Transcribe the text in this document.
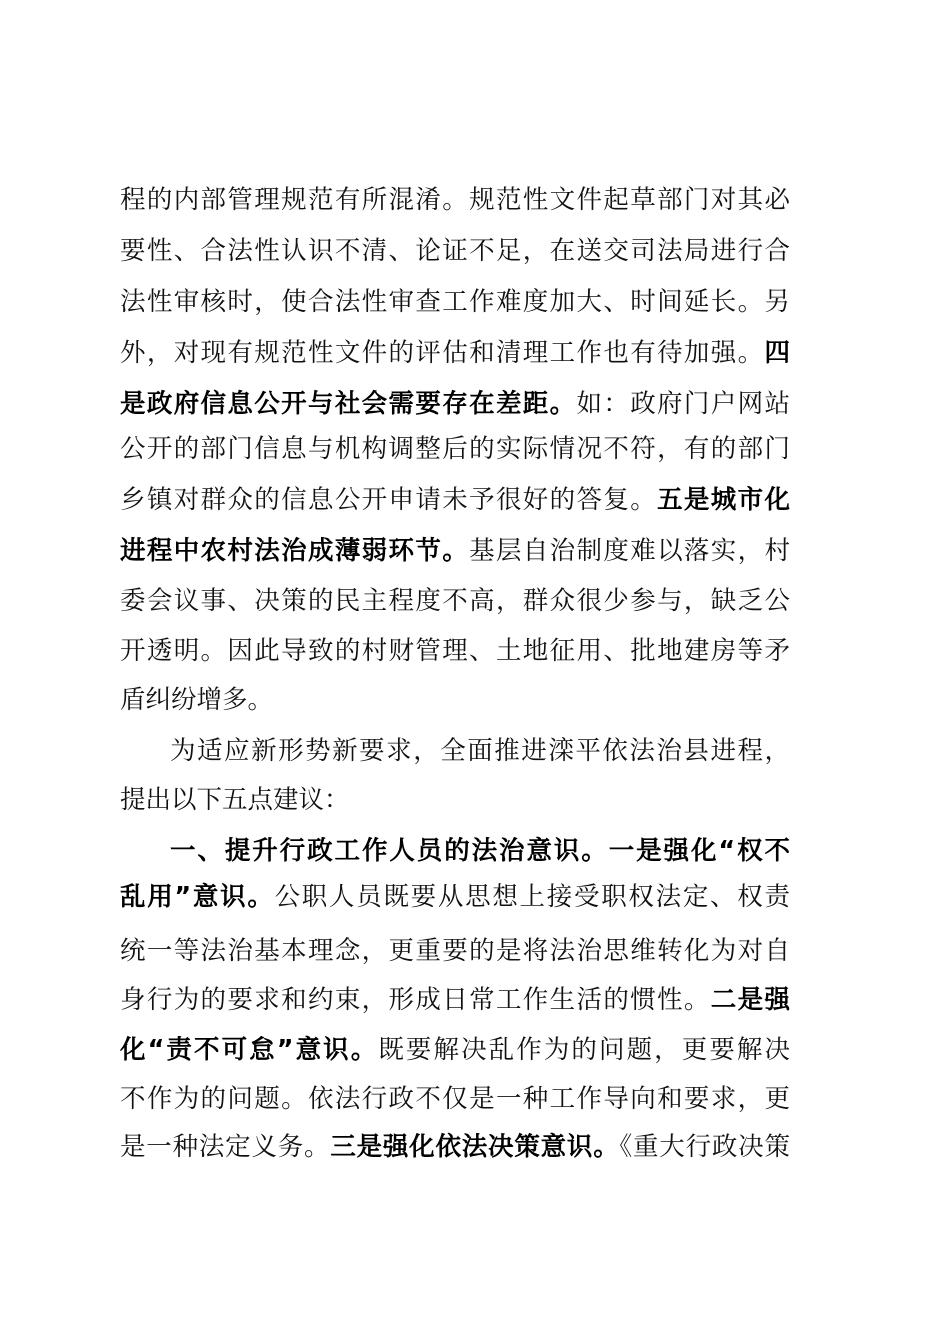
程的内部管理规范有所混淆。规范性文件起草部门对其必
要性、合法性认识不清、论证不足，在送交司法局进行合
法性审核时，使合法性审查工作难度加大、时间延长。另
外，对现有规范性文件的评估和清理工作也有待加强。四
是政府信息公开与社会需要存在差距。如：政府门户网站
公开的部门信息与机构调整后的实际情况不符，有的部门
乡镇对群众的信息公开申请未予很好的答复。五是城市化
进程中农村法治成薄弱环节。基层自治制度难以落实，村
委会议事、决策的民主程度不高，群众很少参与，缺乏公
开透明。因此导致的村财管理、土地征用、批地建房等矛
盾纠纷增多。
为适应新形势新要求，全面推进滦平依法治县进程，
提出以下五点建议：
一、提升行政工作人员的法治意识。一是强化“权不
乱用”意识。公职人员既要从思想上接受职权法定、权责
统一等法治基本理念，更重要的是将法治思维转化为对自
身行为的要求和约束，形成日常工作生活的惯性。二是强
化“责不可怠”意识。既要解决乱作为的问题，更要解决
不作为的问题。依法行政不仅是一种工作导向和要求，更
是一种法定义务。三是强化依法决策意识。《重大行政决策
